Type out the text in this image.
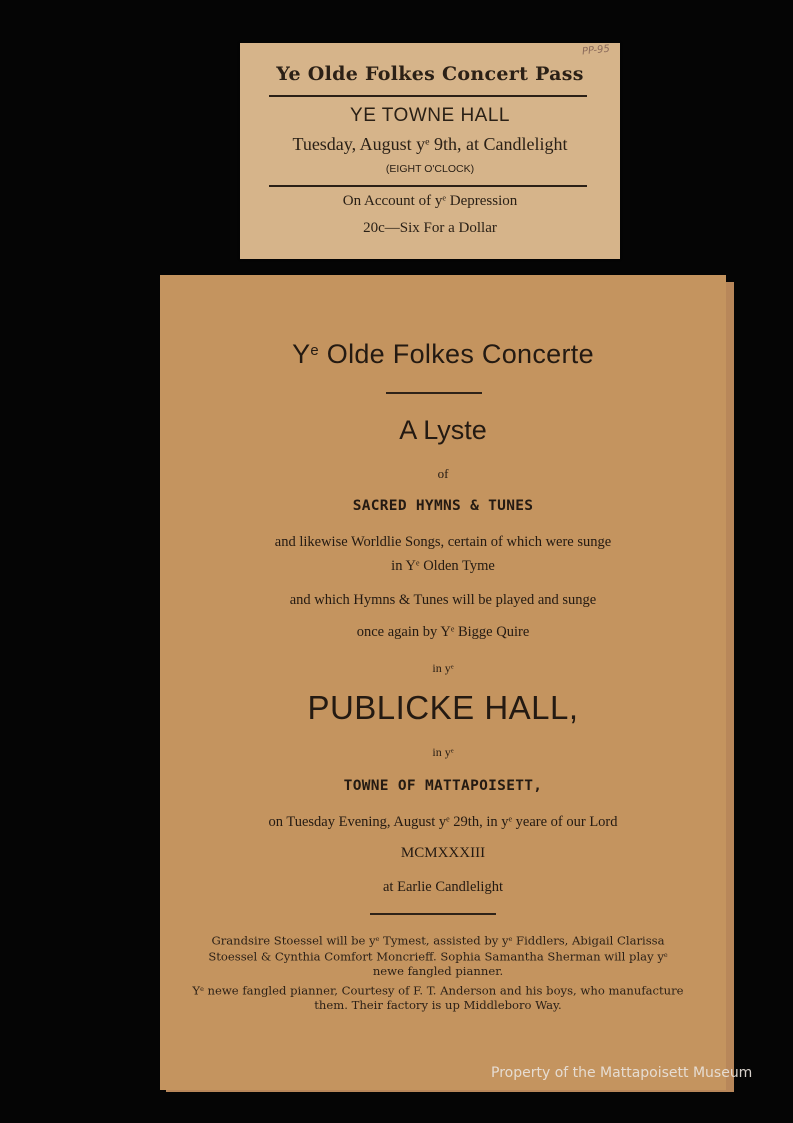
PP-95
Ye Olde Folkes Concert Pass
YE TOWNE HALL
Tuesday, August $y^e$ 9th, at Candlelight
(EIGHT O'CLOCK)
On Account of $y^e$ Depression
20c—Six For a Dollar
$Y^e$ Olde Folkes Concerte
A Lyste
of
SACRED HYMNS & TUNES
and likewise Worldlie Songs, certain of which were sunge
in $Y^e$ Olden Tyme
and which Hymns & Tunes will be played and sunge
once again by $Y^e$ Bigge Quire
in $y^e$
PUBLICKE HALL,
in $y^e$
TOWNE OF MATTAPOISETT,
on Tuesday Evening, August $y^e$ 29th, in $y^e$ yeare of our Lord
MCMXXXIII
at Earlie Candlelight

Grandsire Stoessel will be $y^e$ Tymest, assisted by $y^e$ Fiddlers, Abigail Clarissa Stoessel & Cynthia Comfort Moncrieff. Sophia Samantha Sherman will play $y^e$ newe fangled pianner.

$Y^e$ newe fangled pianner, Courtesy of F. T. Anderson and his boys, who manufacture them. Their factory is up Middleboro Way.

Property of the Mattapoisett Museum
